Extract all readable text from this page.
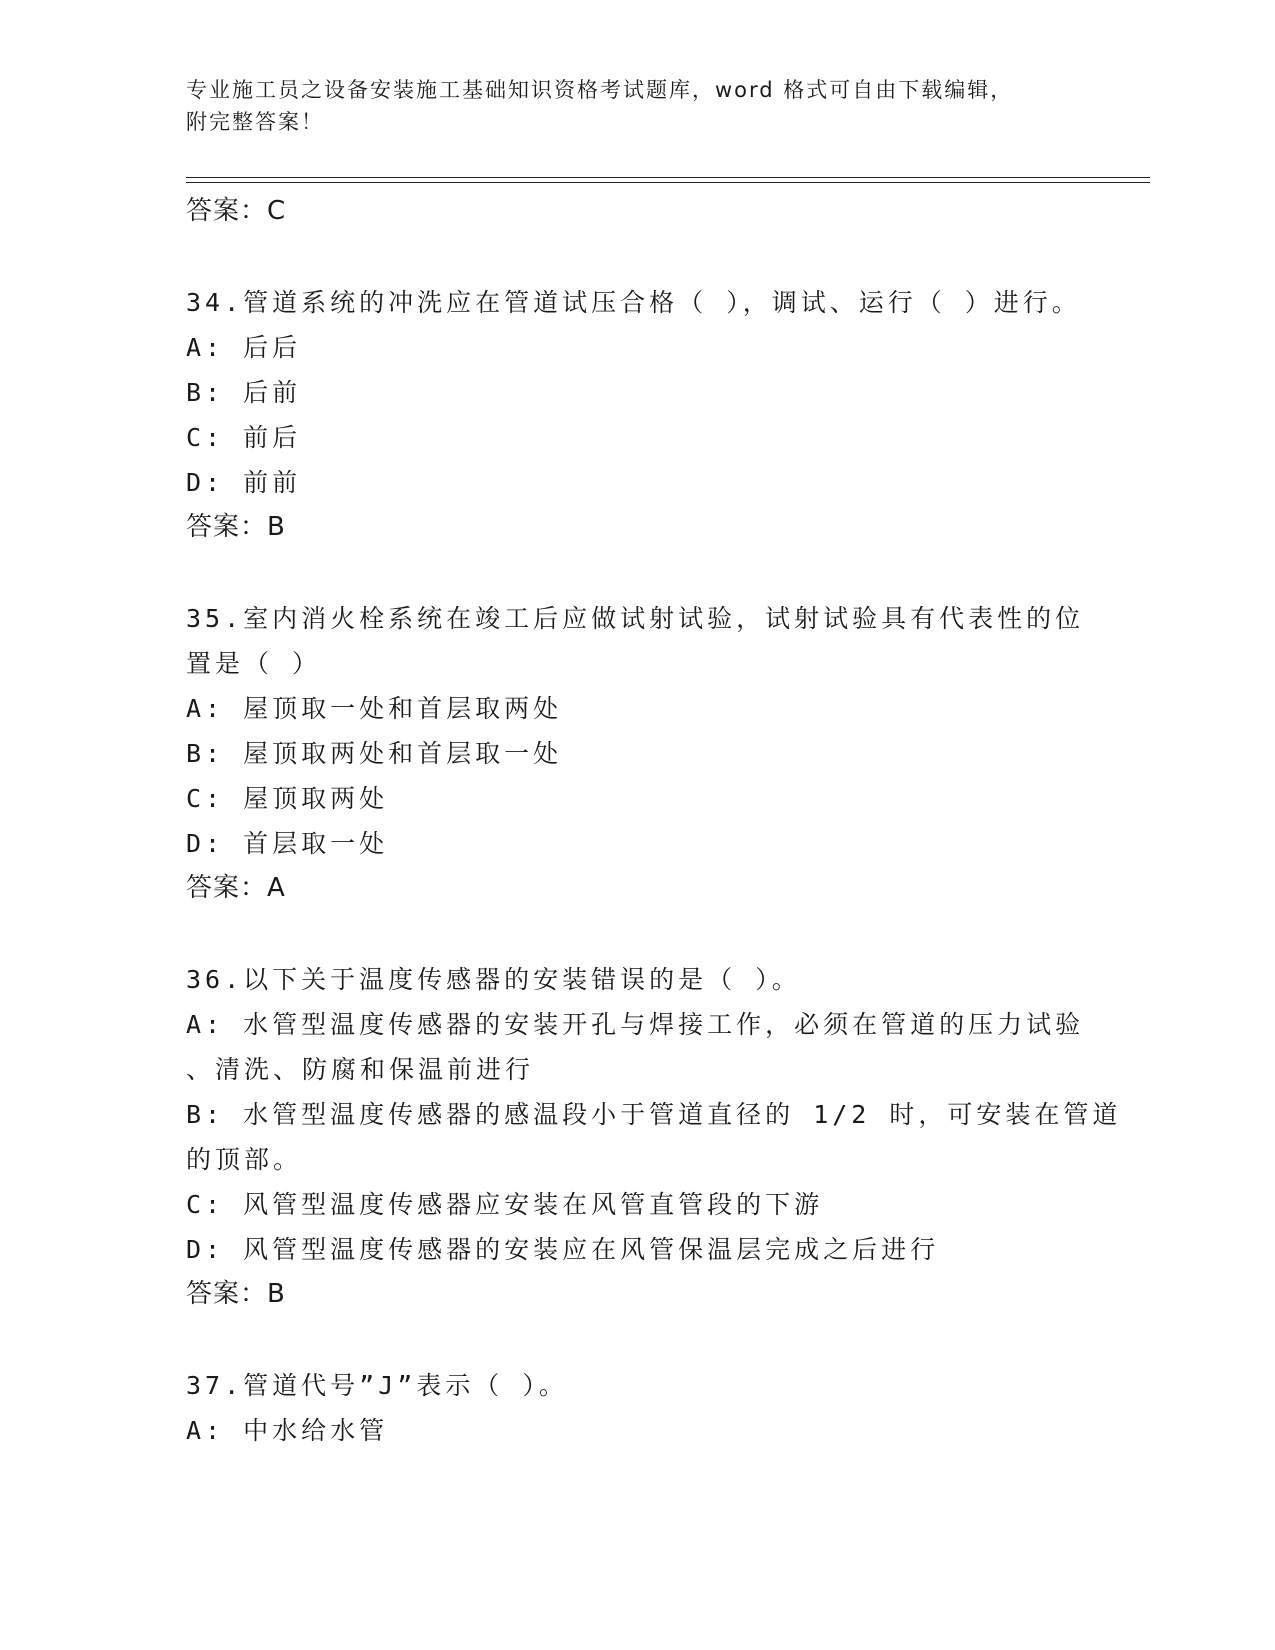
专业施工员之设备安装施工基础知识资格考试题库，word 格式可自由下载编辑，
附完整答案！
答案：C
34.管道系统的冲洗应在管道试压合格（ ），调试、运行（ ）进行。
A: 后后
B: 后前
C: 前后
D: 前前
答案：B
35.室内消火栓系统在竣工后应做试射试验，试射试验具有代表性的位
置是（ ）
A: 屋顶取一处和首层取两处
B: 屋顶取两处和首层取一处
C: 屋顶取两处
D: 首层取一处
答案：A
36.以下关于温度传感器的安装错误的是（ ）。
A: 水管型温度传感器的安装开孔与焊接工作，必须在管道的压力试验
、清洗、防腐和保温前进行
B: 水管型温度传感器的感温段小于管道直径的 1/2 时，可安装在管道
的顶部。
C: 风管型温度传感器应安装在风管直管段的下游
D: 风管型温度传感器的安装应在风管保温层完成之后进行
答案：B
37.管道代号”J”表示（ ）。
A: 中水给水管
